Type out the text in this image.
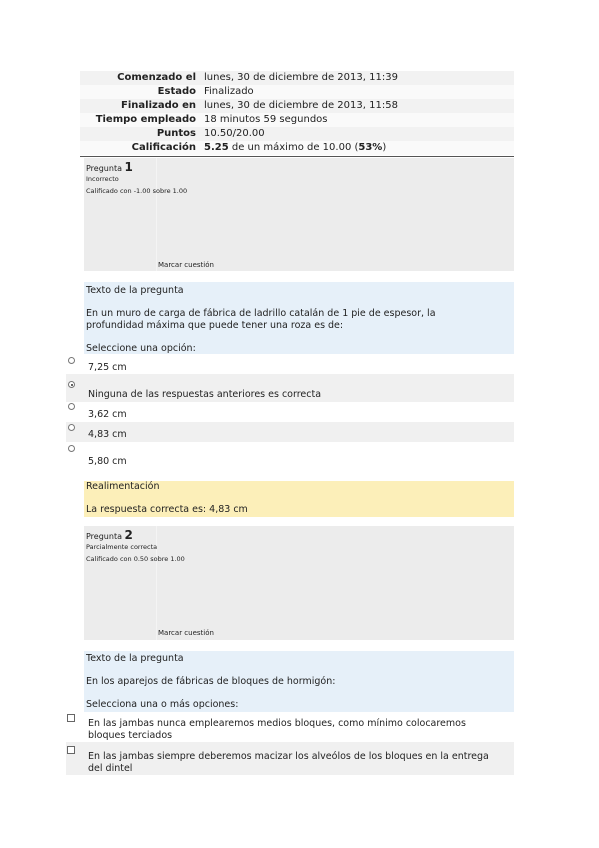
Comenzado el	lunes, 30 de diciembre de 2013, 11:39
Estado	Finalizado
Finalizado en	lunes, 30 de diciembre de 2013, 11:58
Tiempo empleado	18 minutos 59 segundos
Puntos	10.50/20.00
Calificación	5.25 de un máximo de 10.00 (53%)
Pregunta 1
Incorrecto
Calificado con -1.00 sobre 1.00
Marcar cuestión
Texto de la pregunta
En un muro de carga de fábrica de ladrillo catalán de 1 pie de espesor, la
profundidad máxima que puede tener una roza es de:
Seleccione una opción:
7,25 cm
Ninguna de las respuestas anteriores es correcta
3,62 cm
4,83 cm
5,80 cm
Realimentación
La respuesta correcta es: 4,83 cm
Pregunta 2
Parcialmente correcta
Calificado con 0.50 sobre 1.00
Marcar cuestión
Texto de la pregunta
En los aparejos de fábricas de bloques de hormigón:
Selecciona una o más opciones:
En las jambas nunca emplearemos medios bloques, como mínimo colocaremos
bloques terciados
En las jambas siempre deberemos macizar los alveólos de los bloques en la entrega
del dintel
